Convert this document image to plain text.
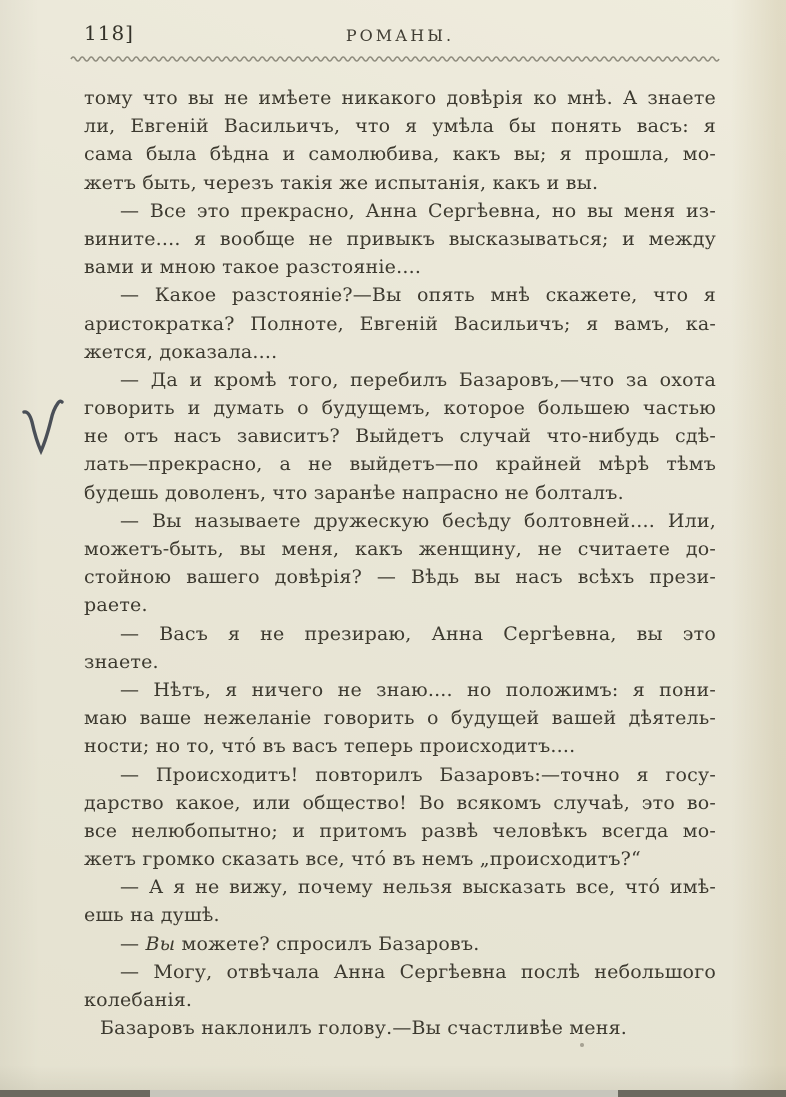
118]	РОМАНЫ.
тому что вы не имѣете никакого довѣрія ко мнѣ. А знаете
ли, Евгеній Васильичъ, что я умѣла бы понять васъ: я
сама была бѣдна и самолюбива, какъ вы; я прошла, мо-
жетъ быть, черезъ такія же испытанія, какъ и вы.
— Все это прекрасно, Анна Сергѣевна, но вы меня из-
вините.... я вообще не привыкъ высказываться; и между
вами и мною такое разстояніе....
— Какое разстояніе?—Вы опять мнѣ скажете, что я
аристократка? Полноте, Евгеній Васильичъ; я вамъ, ка-
жется, доказала....
— Да и кромѣ того, перебилъ Базаровъ,—что за охота
говорить и думать о будущемъ, которое большею частью
не отъ насъ зависитъ? Выйдетъ случай что-нибудь сдѣ-
лать—прекрасно, а не выйдетъ—по крайней мѣрѣ тѣмъ
будешь доволенъ, что заранѣе напрасно не болталъ.
— Вы называете дружескую бесѣду болтовней.... Или,
можетъ-быть, вы меня, какъ женщину, не считаете до-
стойною вашего довѣрія? — Вѣдь вы насъ всѣхъ прези-
раете.
— Васъ я не презираю, Анна Сергѣевна, вы это
знаете.
— Нѣтъ, я ничего не знаю.... но положимъ: я пони-
маю ваше нежеланіе говорить о будущей вашей дѣятель-
ности; но то, чтó въ васъ теперь происходитъ....
— Происходитъ! повторилъ Базаровъ:—точно я госу-
дарство какое, или общество! Во всякомъ случаѣ, это во-
все нелюбопытно; и притомъ развѣ человѣкъ всегда мо-
жетъ громко сказать все, чтó въ немъ „происходитъ?“
— А я не вижу, почему нельзя высказать все, чтó имѣ-
ешь на душѣ.
— Вы можете? спросилъ Базаровъ.
— Могу, отвѣчала Анна Сергѣевна послѣ небольшого
колебанія.
Базаровъ наклонилъ голову.—Вы счастливѣе меня.
